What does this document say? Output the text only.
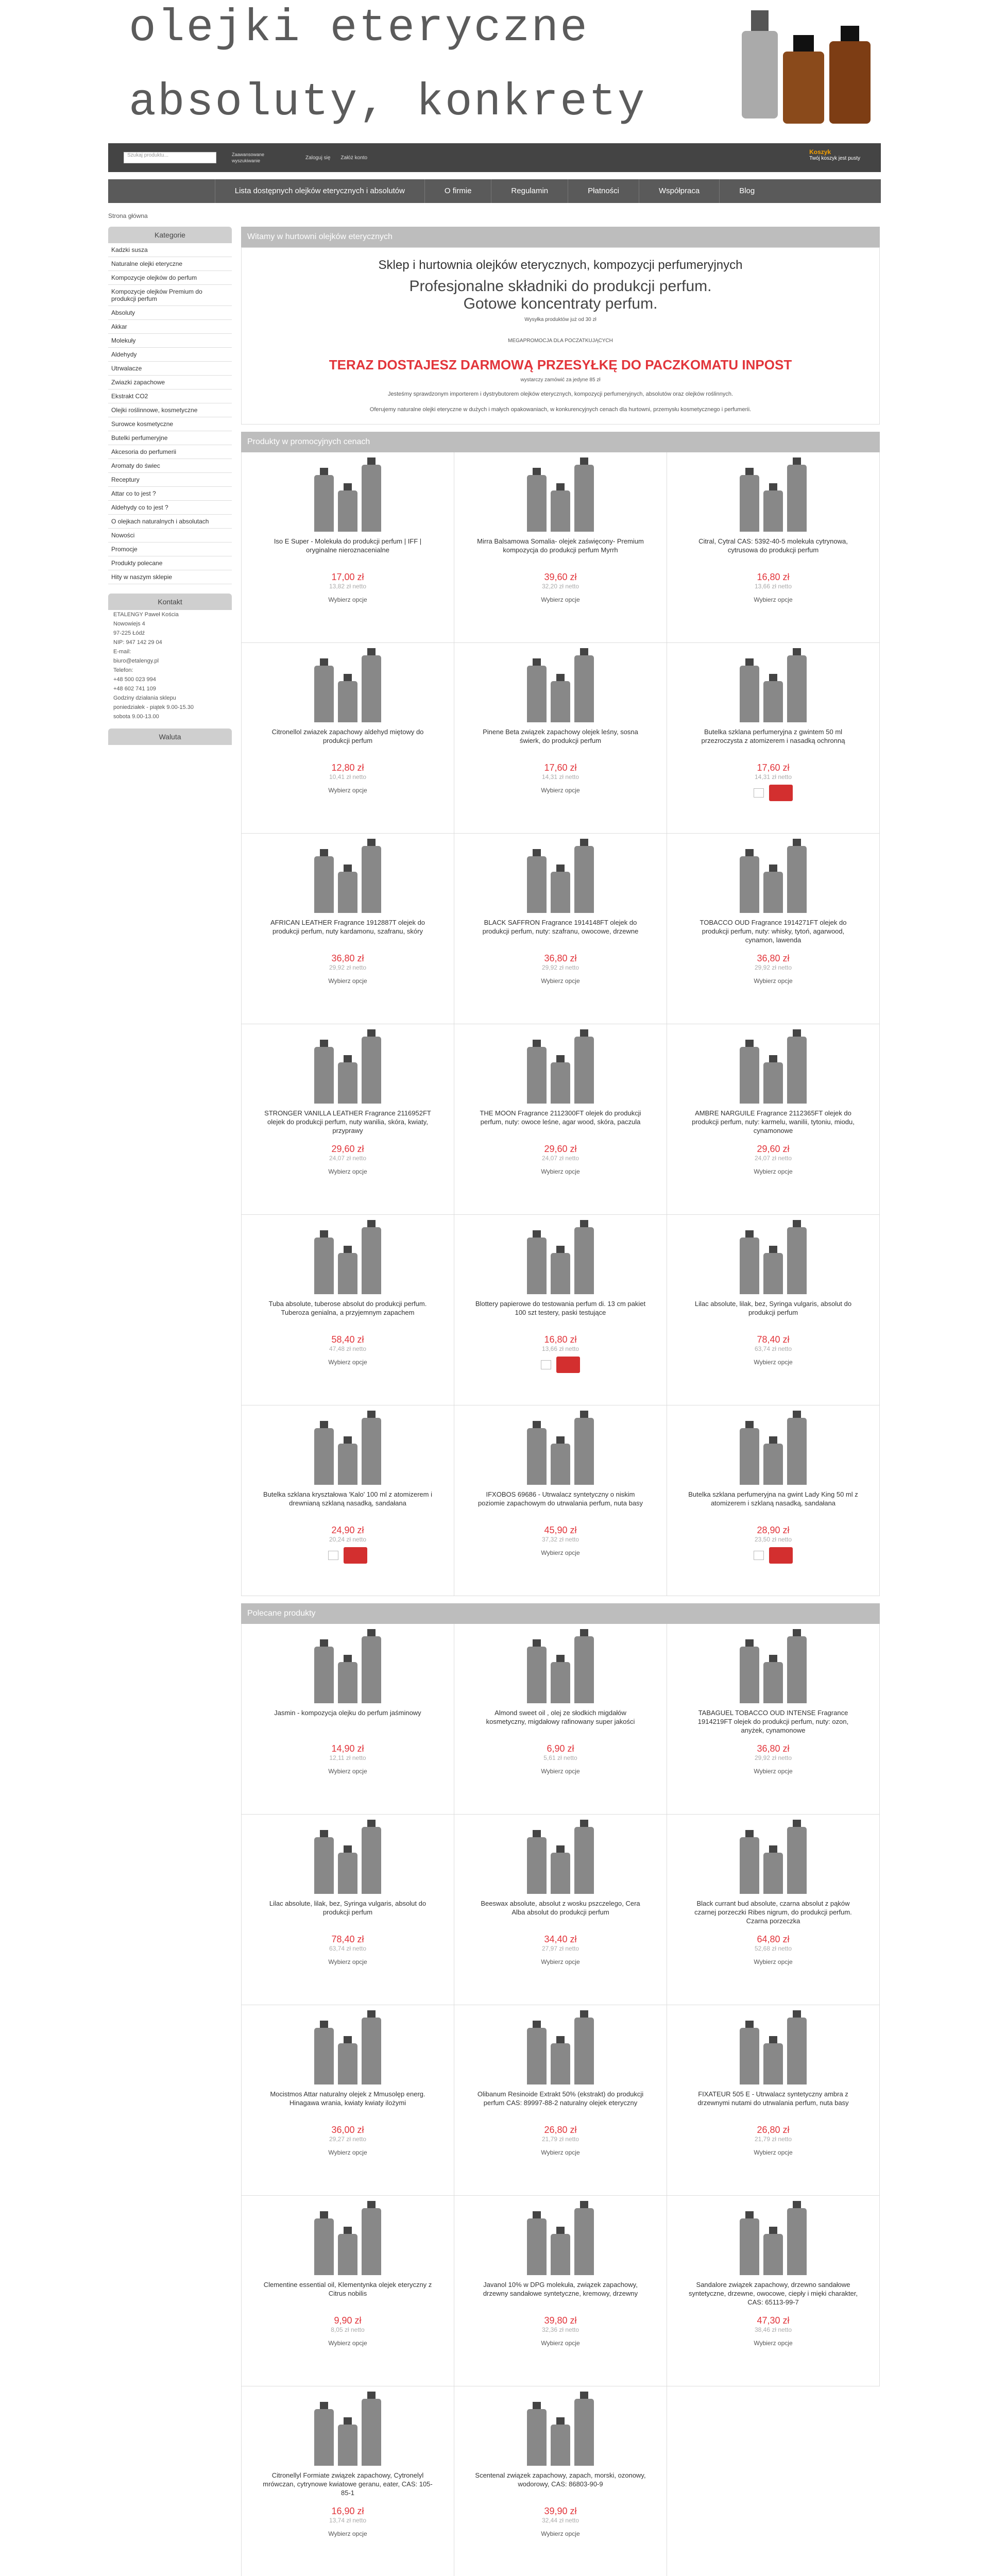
olejki eteryczne
absoluty, konkrety
Szukaj produktu...	Zaawansowane
wyszukiwanie
Zaloguj się Załóż konto
Koszyk
Twój koszyk jest pusty
Lista dostępnych olejków eterycznych i absolutów	O firmie	Regulamin	Płatności	Współpraca	Blog
Strona główna
Kategorie
Kadzki susza
Naturalne olejki eteryczne
Kompozycje olejków do perfum
Kompozycje olejków Premium do produkcji perfum
Absoluty
Akkar
Molekuły
Aldehydy
Utrwalacze
Zwiazki zapachowe
Ekstrakt CO2
Olejki roślinnowe, kosmetyczne
Surowce kosmetyczne
Butelki perfumeryjne
Akcesoria do perfumerii
Aromaty do świec
Receptury
Attar co to jest ?
Aldehydy co to jest ?
O olejkach naturalnych i absolutach
Nowości
Promocje
Produkty polecane
Hity w naszym sklepie
Kontakt
ETALENGY Paweł Kościa
Nowowiejs 4
97-225 Łódź
NIP: 947 142 29 04
E-mail:
biuro@etalengy.pl
Telefon:
+48 500 023 994
+48 602 741 109
Godziny działania sklepu
poniedziałek - piątek 9.00-15.30
sobota 9.00-13.00
Waluta
Witamy w hurtowni olejków eterycznych
Sklep i hurtownia olejków eterycznych, kompozycji perfumeryjnych
Profesjonalne składniki do produkcji perfum.
Gotowe koncentraty perfum.
Wysyłka produktów już od 30 zł
MEGAPROMOCJA DLA POCZATKUJĄCYCH
TERAZ DOSTAJESZ DARMOWĄ PRZESYŁKĘ DO PACZKOMATU INPOST
wystarczy zamówić za jedyne 85 zł
Jesteśmy sprawdzonym importerem i dystrybutorem olejków eterycznych, kompozycji perfumeryjnych, absolutów oraz olejków roślinnych.
Oferujemy naturalne olejki eteryczne w dużych i małych opakowaniach, w konkurencyjnych cenach dla hurtowni, przemysłu kosmetycznego i perfumerii.
Produkty w promocyjnych cenach
Iso E Super - Molekuła do produkcji perfum | IFF | oryginalne nieroznacenialne
17,00 zł
13,82 zł netto
Wybierz opcje
Mirra Balsamowa Somalia- olejek zaświęcony- Premium kompozycja do produkcji perfum Myrrh
39,60 zł
32,20 zł netto
Wybierz opcje
Citral, Cytral CAS: 5392-40-5 molekuła cytrynowa, cytrusowa do produkcji perfum
16,80 zł
13,66 zł netto
Wybierz opcje
Citronellol zwiazek zapachowy aldehyd miętowy do produkcji perfum
12,80 zł
10,41 zł netto
Wybierz opcje
Pinene Beta związek zapachowy olejek leśny, sosna świerk, do produkcji perfum
17,60 zł
14,31 zł netto
Wybierz opcje
Butelka szklana perfumeryjna z gwintem 50 ml przezroczysta z atomizerem i nasadką ochronną
17,60 zł
14,31 zł netto
AFRICAN LEATHER Fragrance 1912887T olejek do produkcji perfum, nuty kardamonu, szafranu, skóry
36,80 zł
29,92 zł netto
Wybierz opcje
BLACK SAFFRON Fragrance 1914148FT olejek do produkcji perfum, nuty: szafranu, owocowe, drzewne
36,80 zł
29,92 zł netto
Wybierz opcje
TOBACCO OUD Fragrance 1914271FT olejek do produkcji perfum, nuty: whisky, tytoń, agarwood, cynamon, lawenda
36,80 zł
29,92 zł netto
Wybierz opcje
STRONGER VANILLA LEATHER Fragrance 2116952FT olejek do produkcji perfum, nuty wanilia, skóra, kwiaty, przyprawy
29,60 zł
24,07 zł netto
Wybierz opcje
THE MOON Fragrance 2112300FT olejek do produkcji perfum, nuty: owoce leśne, agar wood, skóra, paczula
29,60 zł
24,07 zł netto
Wybierz opcje
AMBRE NARGUILE Fragrance 2112365FT olejek do produkcji perfum, nuty: karmelu, wanilii, tytoniu, miodu, cynamonowe
29,60 zł
24,07 zł netto
Wybierz opcje
Tuba absolute, tuberose absolut do produkcji perfum. Tuberoza genialna, a przyjemnym zapachem
58,40 zł
47,48 zł netto
Wybierz opcje
Blottery papierowe do testowania perfum di. 13 cm pakiet 100 szt testery, paski testujące
16,80 zł
13,66 zł netto
Lilac absolute, lilak, bez, Syringa vulgaris, absolut do produkcji perfum
78,40 zł
63,74 zł netto
Wybierz opcje
Butelka szklana kryształowa 'Kalo' 100 ml z atomizerem i drewnianą szklaną nasadką, sandałana
24,90 zł
20,24 zł netto
IFXOBOS 69686 - Utrwalacz syntetyczny o niskim poziomie zapachowym do utrwalania perfum, nuta basy
45,90 zł
37,32 zł netto
Wybierz opcje
Butelka szklana perfumeryjna na gwint Lady King 50 ml z atomizerem i szklaną nasadką, sandałana
28,90 zł
23,50 zł netto
Polecane produkty
Jasmin - kompozycja olejku do perfum jaśminowy
14,90 zł
12,11 zł netto
Wybierz opcje
Almond sweet oil , olej ze słodkich migdałów kosmetyczny, migdałowy rafinowany super jakości
6,90 zł
5,61 zł netto
Wybierz opcje
TABAGUEL TOBACCO OUD INTENSE Fragrance 1914219FT olejek do produkcji perfum, nuty: ozon, anyżek, cynamonowe
36,80 zł
29,92 zł netto
Wybierz opcje
Lilac absolute, lilak, bez, Syringa vulgaris, absolut do produkcji perfum
78,40 zł
63,74 zł netto
Wybierz opcje
Beeswax absolute, absolut z wosku pszczelego, Cera Alba absolut do produkcji perfum
34,40 zł
27,97 zł netto
Wybierz opcje
Black currant bud absolute, czarna absolut z pąków czarnej porzeczki Ribes nigrum, do produkcji perfum. Czarna porzeczka
64,80 zł
52,68 zł netto
Wybierz opcje
Mocistmos Attar naturalny olejek z Mmusolęp energ. Hinagawa wrania, kwiaty kwiaty ilożymi
36,00 zł
29,27 zł netto
Wybierz opcje
Olibanum Resinoide Extrakt 50% (ekstrakt) do produkcji perfum CAS: 89997-88-2 naturalny olejek eteryczny
26,80 zł
21,79 zł netto
Wybierz opcje
FIXATEUR 505 E - Utrwalacz syntetyczny ambra z drzewnymi nutami do utrwalania perfum, nuta basy
26,80 zł
21,79 zł netto
Wybierz opcje
Clementine essential oil, Klementynka olejek eteryczny z Citrus nobilis
9,90 zł
8,05 zł netto
Wybierz opcje
Javanol 10% w DPG molekuła, związek zapachowy, drzewny sandałowe syntetyczne, kremowy, drzewny
39,80 zł
32,36 zł netto
Wybierz opcje
Sandalore związek zapachowy, drzewno sandałowe syntetyczne, drzewne, owocowe, ciepły i mięki charakter, CAS: 65113-99-7
47,30 zł
38,46 zł netto
Wybierz opcje
Citronellyl Formiate związek zapachowy, Cytronelyl mrówczan, cytrynowe kwiatowe geranu, eater, CAS: 105-85-1
16,90 zł
13,74 zł netto
Wybierz opcje
Scentenal związek zapachowy, zapach, morski, ozonowy, wodorowy, CAS: 86803-90-9
39,90 zł
32,44 zł netto
Wybierz opcje
